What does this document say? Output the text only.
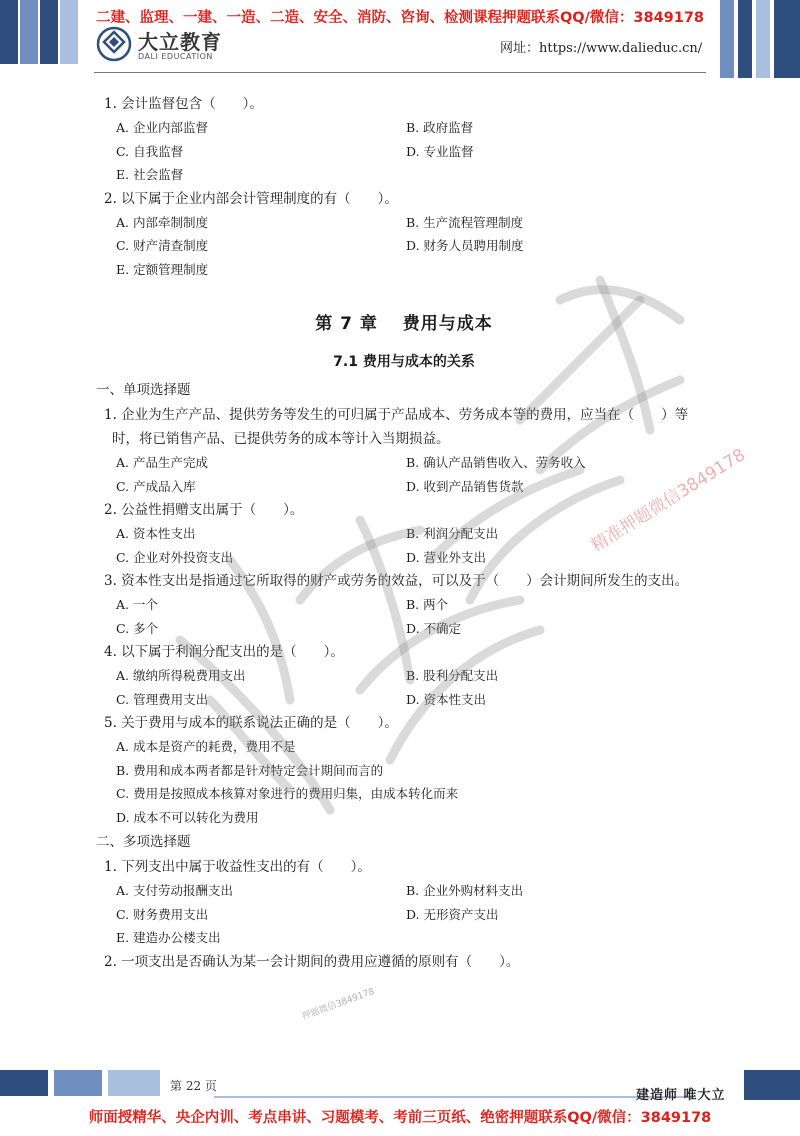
二建、监理、一建、一造、二造、安全、消防、咨询、检测课程押题联系QQ/微信：3849178
大立教育
DALI EDUCATION
网址：https://www.dalieduc.cn/
1. 会计监督包含（　　）。
A. 企业内部监督	B. 政府监督
C. 自我监督	D. 专业监督
E. 社会监督
2. 以下属于企业内部会计管理制度的有（　　）。
A. 内部牵制制度	B. 生产流程管理制度
C. 财产清查制度	D. 财务人员聘用制度
E. 定额管理制度
第 7 章　 费用与成本
7.1 费用与成本的关系
一、单项选择题
1. 企业为生产产品、提供劳务等发生的可归属于产品成本、劳务成本等的费用，应当在（　　）等
时，将已销售产品、已提供劳务的成本等计入当期损益。
A. 产品生产完成	B. 确认产品销售收入、劳务收入
C. 产成品入库	D. 收到产品销售货款
2. 公益性捐赠支出属于（　　）。
A. 资本性支出	B. 利润分配支出
C. 企业对外投资支出	D. 营业外支出
3. 资本性支出是指通过它所取得的财产或劳务的效益，可以及于（　　）会计期间所发生的支出。
A. 一个	B. 两个
C. 多个	D. 不确定
4. 以下属于利润分配支出的是（　　）。
A. 缴纳所得税费用支出	B. 股利分配支出
C. 管理费用支出	D. 资本性支出
5. 关于费用与成本的联系说法正确的是（　　）。
A. 成本是资产的耗费，费用不是
B. 费用和成本两者都是针对特定会计期间而言的
C. 费用是按照成本核算对象进行的费用归集，由成本转化而来
D. 成本不可以转化为费用
二、多项选择题
1. 下列支出中属于收益性支出的有（　　）。
A. 支付劳动报酬支出	B. 企业外购材料支出
C. 财务费用支出	D. 无形资产支出
E. 建造办公楼支出
2. 一项支出是否确认为某一会计期间的费用应遵循的原则有（　　）。
精准押题微信3849178
押题微信3849178
第 22 页
建造师 唯大立
师面授精华、央企内训、考点串讲、习题模考、考前三页纸、绝密押题联系QQ/微信：3849178
